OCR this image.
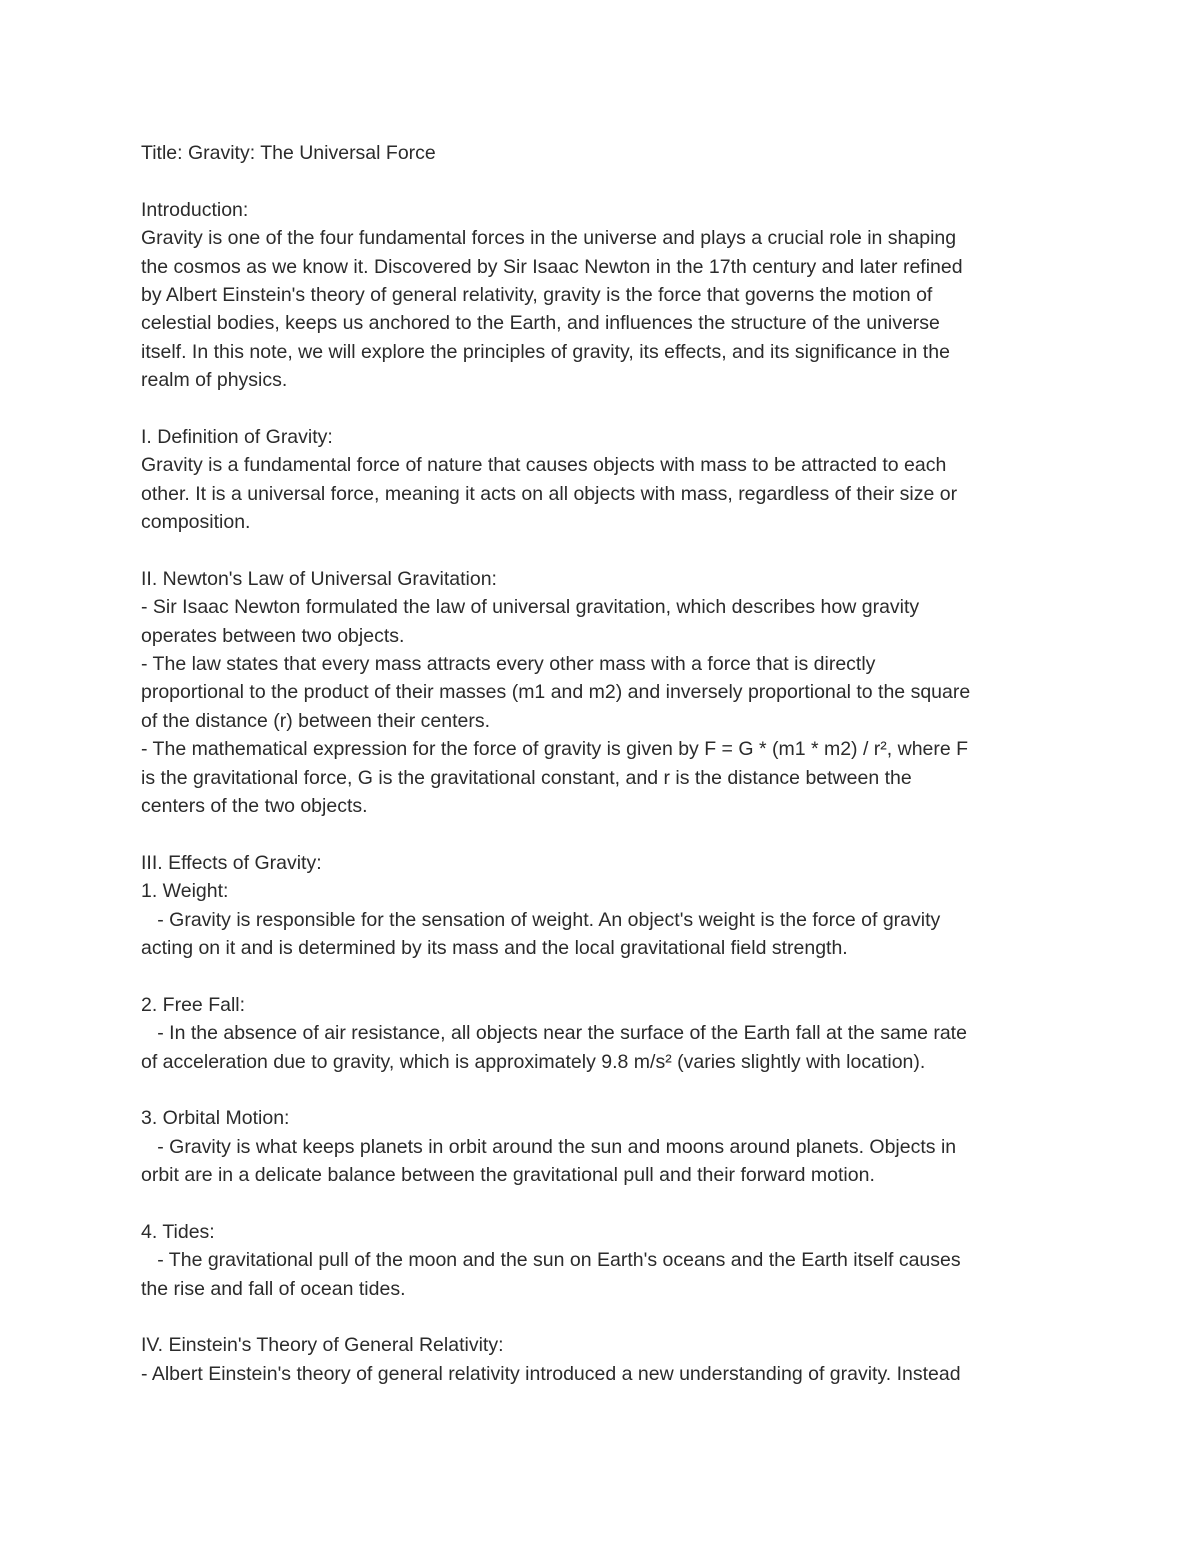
Title: Gravity: The Universal Force
Introduction:
Gravity is one of the four fundamental forces in the universe and plays a crucial role in shaping
the cosmos as we know it. Discovered by Sir Isaac Newton in the 17th century and later refined
by Albert Einstein's theory of general relativity, gravity is the force that governs the motion of
celestial bodies, keeps us anchored to the Earth, and influences the structure of the universe
itself. In this note, we will explore the principles of gravity, its effects, and its significance in the
realm of physics.
I. Definition of Gravity:
Gravity is a fundamental force of nature that causes objects with mass to be attracted to each
other. It is a universal force, meaning it acts on all objects with mass, regardless of their size or
composition.
II. Newton's Law of Universal Gravitation:
- Sir Isaac Newton formulated the law of universal gravitation, which describes how gravity
operates between two objects.
- The law states that every mass attracts every other mass with a force that is directly
proportional to the product of their masses (m1 and m2) and inversely proportional to the square
of the distance (r) between their centers.
- The mathematical expression for the force of gravity is given by F = G * (m1 * m2) / r², where F
is the gravitational force, G is the gravitational constant, and r is the distance between the
centers of the two objects.
III. Effects of Gravity:
1. Weight:
- Gravity is responsible for the sensation of weight. An object's weight is the force of gravity
acting on it and is determined by its mass and the local gravitational field strength.
2. Free Fall:
- In the absence of air resistance, all objects near the surface of the Earth fall at the same rate
of acceleration due to gravity, which is approximately 9.8 m/s² (varies slightly with location).
3. Orbital Motion:
- Gravity is what keeps planets in orbit around the sun and moons around planets. Objects in
orbit are in a delicate balance between the gravitational pull and their forward motion.
4. Tides:
- The gravitational pull of the moon and the sun on Earth's oceans and the Earth itself causes
the rise and fall of ocean tides.
IV. Einstein's Theory of General Relativity:
- Albert Einstein's theory of general relativity introduced a new understanding of gravity. Instead
